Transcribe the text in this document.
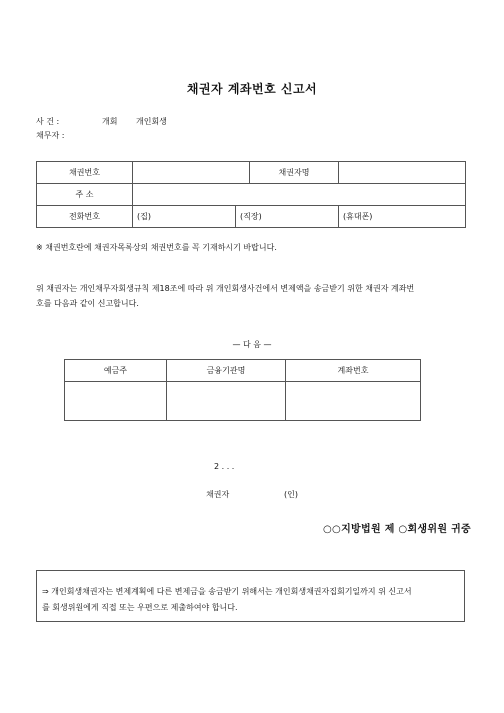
채권자 계좌번호 신고서
사 건 :	개회 개인회생
채무자 :
채권번호			채권자명	
주 소				
전화번호	(집)	(직장)		(휴대폰)
※ 채권번호란에 채권자목록상의 채권번호를 꼭 기재하시기 바랍니다.
위 채권자는 개인채무자회생규칙 제18조에 따라 위 개인회생사건에서 변제액을 송금받기 위한 채권자 계좌번
호를 다음과 같이 신고합니다.
— 다 음 —
예금주	금융기관명	계좌번호

2 . . .
채권자	(인)
○○지방법원 제 ○회생위원 귀중
⇒ 개인회생채권자는 변제계획에 다른 변제금을 송금받기 위해서는 개인회생채권자집회기일까지 위 신고서
를 회생위원에게 직접 또는 우편으로 제출하여야 합니다.
